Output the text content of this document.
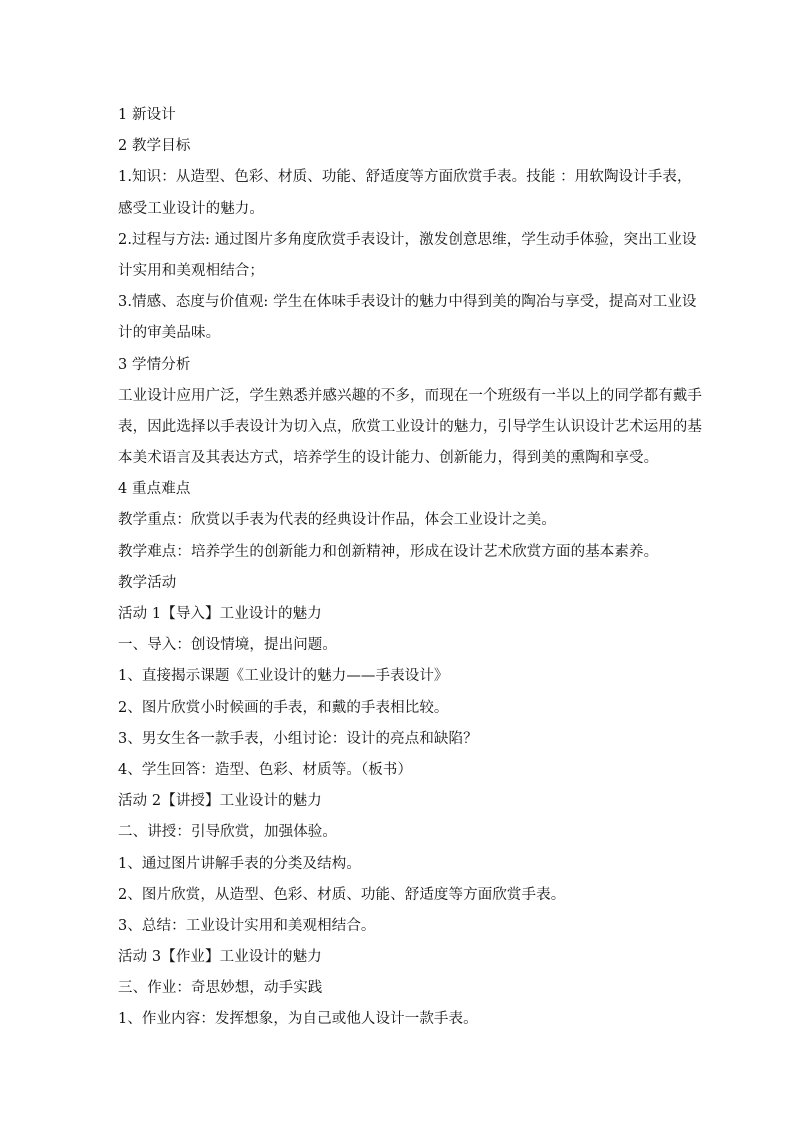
1 新设计
2 教学目标
1.知识：从造型、色彩、材质、功能、舒适度等方面欣赏手表。技能 ：用软陶设计手表，
感受工业设计的魅力。
2.过程与方法: 通过图片多角度欣赏手表设计，激发创意思维，学生动手体验，突出工业设
计实用和美观相结合；
3.情感、态度与价值观: 学生在体味手表设计的魅力中得到美的陶冶与享受，提高对工业设
计的审美品味。
3 学情分析
工业设计应用广泛，学生熟悉并感兴趣的不多，而现在一个班级有一半以上的同学都有戴手
表，因此选择以手表设计为切入点，欣赏工业设计的魅力，引导学生认识设计艺术运用的基
本美术语言及其表达方式，培养学生的设计能力、创新能力，得到美的熏陶和享受。
4 重点难点
教学重点：欣赏以手表为代表的经典设计作品，体会工业设计之美。
教学难点：培养学生的创新能力和创新精神，形成在设计艺术欣赏方面的基本素养。
教学活动
活动 1【导入】工业设计的魅力
一、导入：创设情境，提出问题。
1、直接揭示课题《工业设计的魅力——手表设计》
2、图片欣赏小时候画的手表，和戴的手表相比较。
3、男女生各一款手表，小组讨论：设计的亮点和缺陷？
4、学生回答：造型、色彩、材质等。（板书）
活动 2【讲授】工业设计的魅力
二、讲授：引导欣赏，加强体验。
1、通过图片讲解手表的分类及结构。
2、图片欣赏，从造型、色彩、材质、功能、舒适度等方面欣赏手表。
3、总结：工业设计实用和美观相结合。
活动 3【作业】工业设计的魅力
三、作业：奇思妙想，动手实践
1、作业内容：发挥想象，为自己或他人设计一款手表。
